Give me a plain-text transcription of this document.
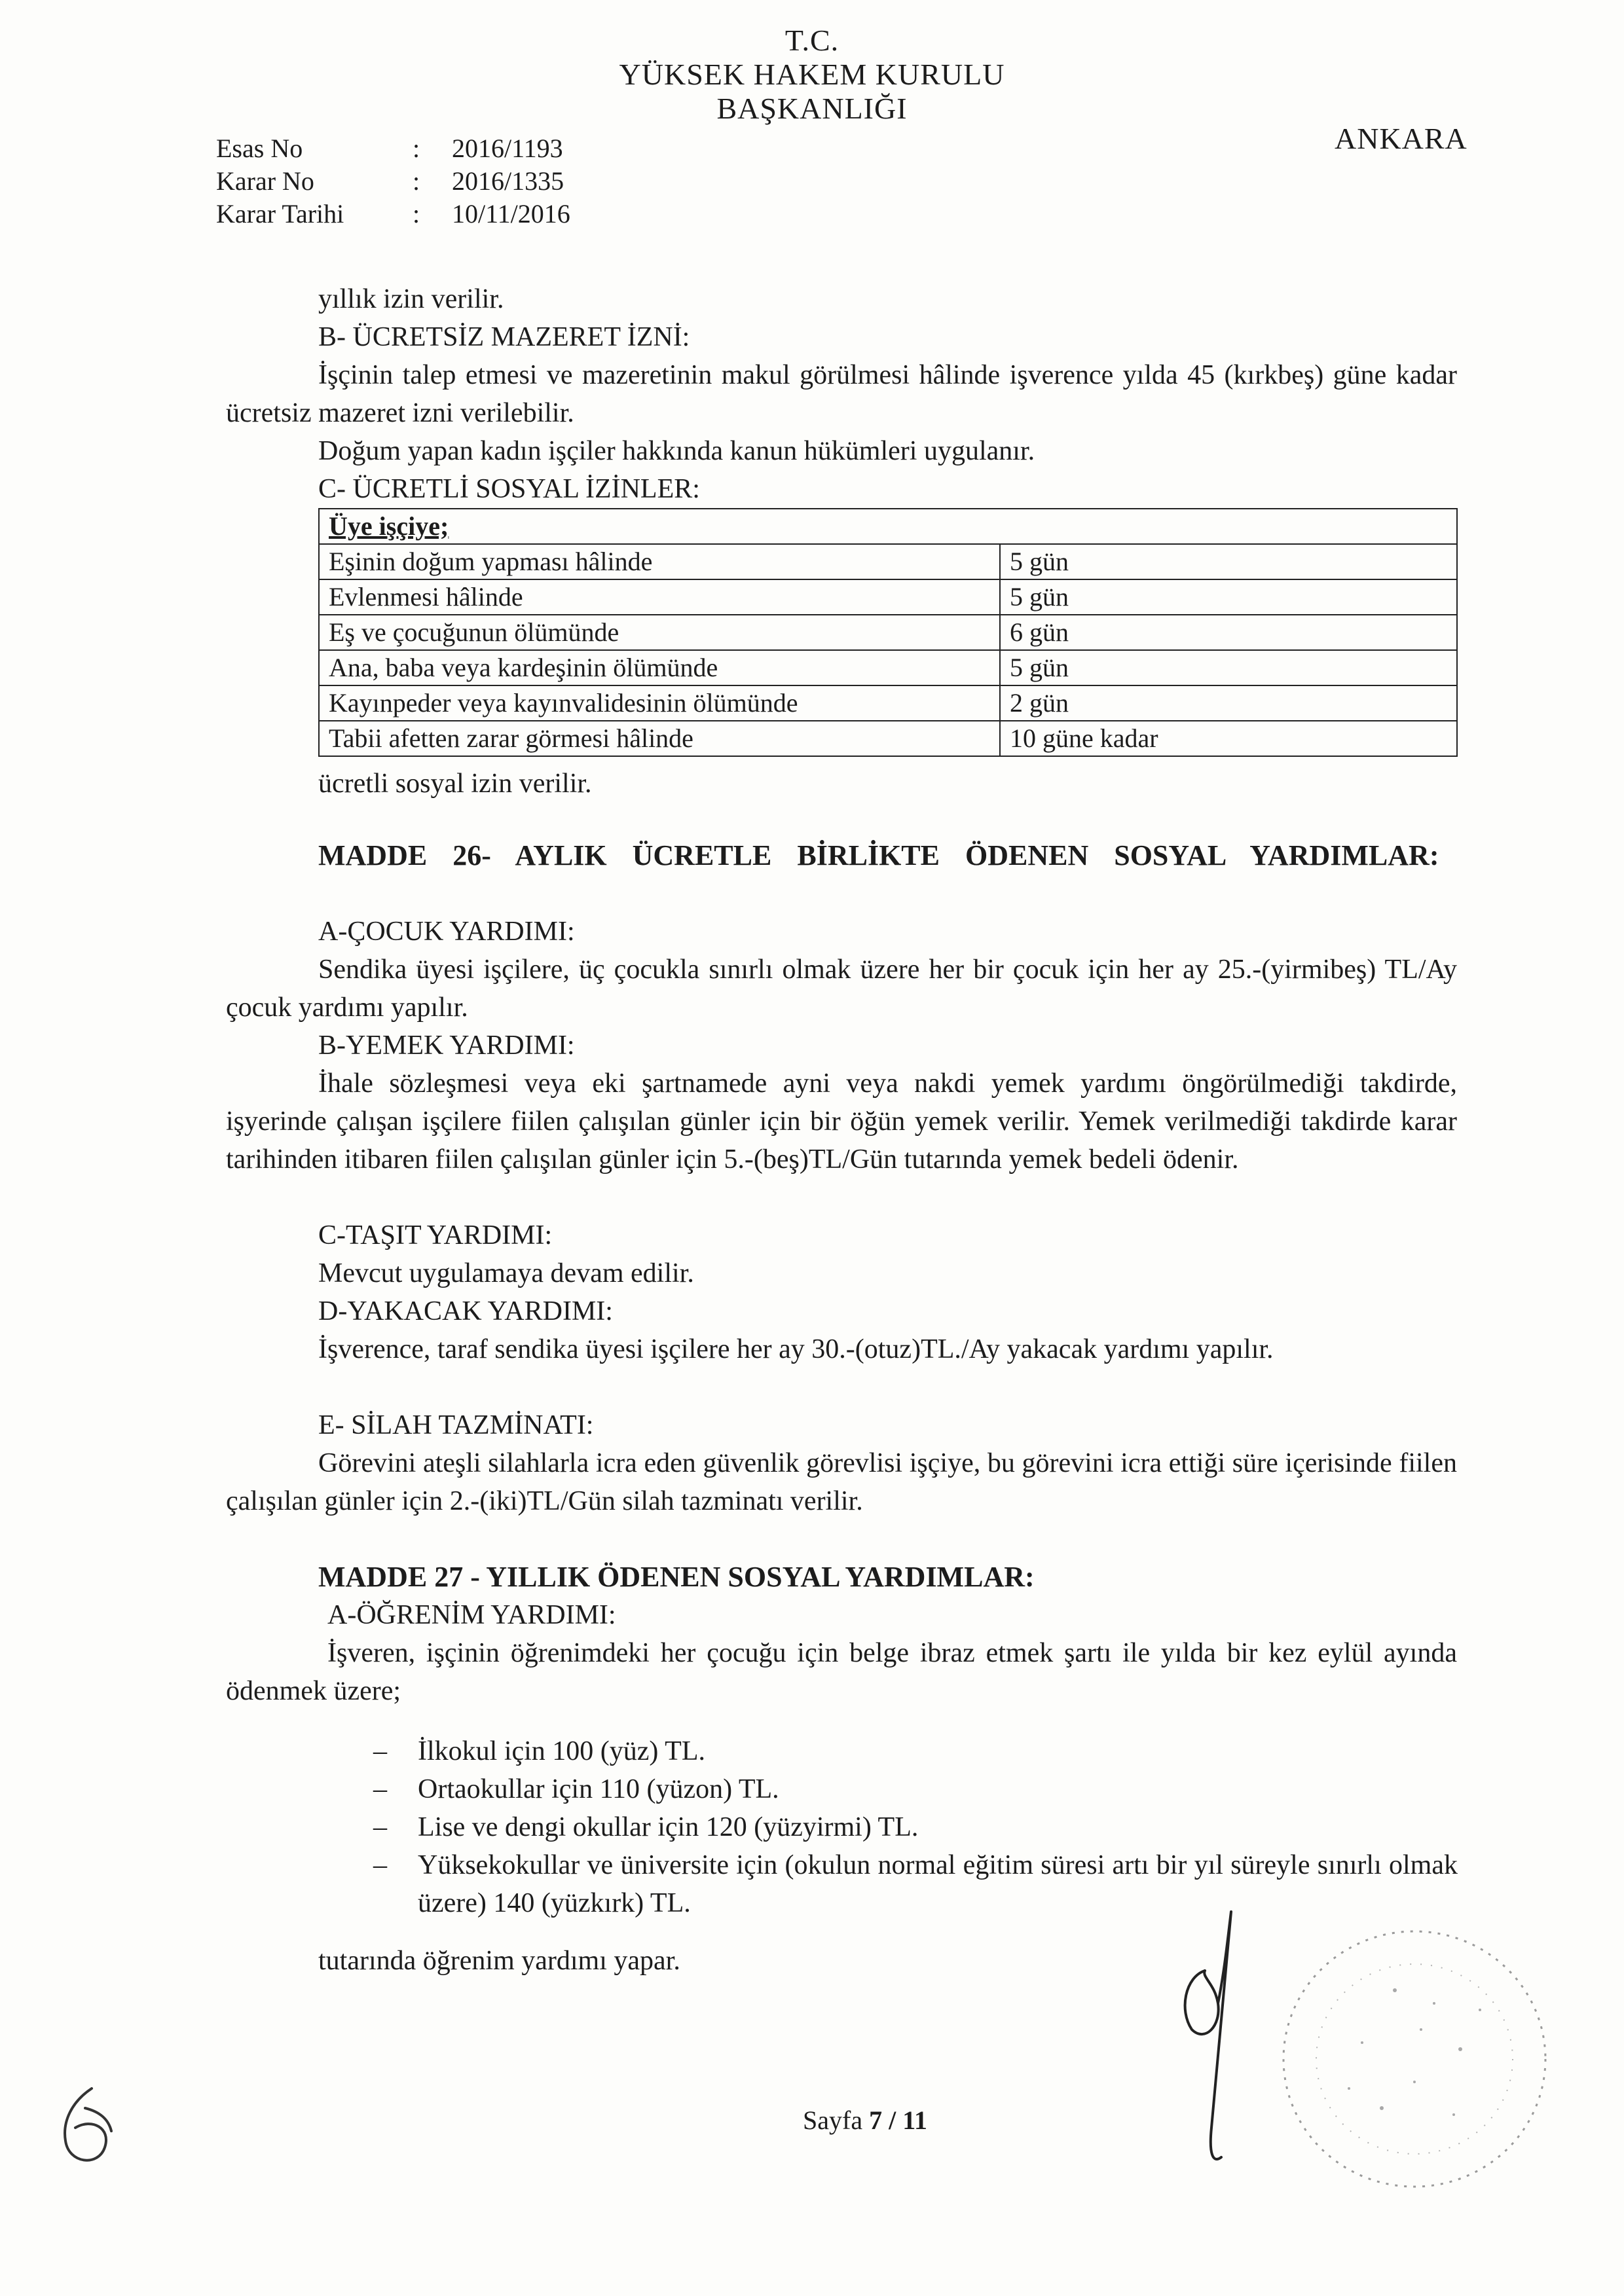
T.C.
YÜKSEK HAKEM KURULU
BAŞKANLIĞI
ANKARA
Esas No	: 2016/1193
Karar No	: 2016/1335
Karar Tarihi	: 10/11/2016
yıllık izin verilir.
B- ÜCRETSİZ MAZERET İZNİ:
İşçinin talep etmesi ve mazeretinin makul görülmesi hâlinde işverence yılda 45 (kırkbeş) güne kadar ücretsiz mazeret izni verilebilir.
Doğum yapan kadın işçiler hakkında kanun hükümleri uygulanır.
C- ÜCRETLİ SOSYAL İZİNLER:
Üye işçiye;	
Eşinin doğum yapması hâlinde	5 gün
Evlenmesi hâlinde	5 gün
Eş ve çocuğunun ölümünde	6 gün
Ana, baba veya kardeşinin ölümünde	5 gün
Kayınpeder veya kayınvalidesinin ölümünde	2 gün
Tabii afetten zarar görmesi hâlinde	10 güne kadar
ücretli sosyal izin verilir.
MADDE 26- AYLIK ÜCRETLE BİRLİKTE ÖDENEN SOSYAL YARDIMLAR:
A-ÇOCUK YARDIMI:
Sendika üyesi işçilere, üç çocukla sınırlı olmak üzere her bir çocuk için her ay 25.-(yirmibeş) TL/Ay çocuk yardımı yapılır.
B-YEMEK YARDIMI:
İhale sözleşmesi veya eki şartnamede ayni veya nakdi yemek yardımı öngörülmediği takdirde, işyerinde çalışan işçilere fiilen çalışılan günler için bir öğün yemek verilir. Yemek verilmediği takdirde karar tarihinden itibaren fiilen çalışılan günler için 5.-(beş)TL/Gün tutarında yemek bedeli ödenir.
C-TAŞIT YARDIMI:
Mevcut uygulamaya devam edilir.
D-YAKACAK YARDIMI:
İşverence, taraf sendika üyesi işçilere her ay 30.-(otuz)TL./Ay yakacak yardımı yapılır.
E- SİLAH TAZMİNATI:
Görevini ateşli silahlarla icra eden güvenlik görevlisi işçiye, bu görevini icra ettiği süre içerisinde fiilen çalışılan günler için 2.-(iki)TL/Gün silah tazminatı verilir.
MADDE 27 - YILLIK ÖDENEN SOSYAL YARDIMLAR:
A-ÖĞRENİM YARDIMI:
İşveren, işçinin öğrenimdeki her çocuğu için belge ibraz etmek şartı ile yılda bir kez eylül ayında ödenmek üzere;
– İlkokul için 100 (yüz) TL.
– Ortaokullar için 110 (yüzon) TL.
– Lise ve dengi okullar için 120 (yüzyirmi) TL.
– Yüksekokullar ve üniversite için (okulun normal eğitim süresi artı bir yıl süreyle sınırlı olmak üzere) 140 (yüzkırk) TL.
tutarında öğrenim yardımı yapar.
Sayfa 7 / 11
